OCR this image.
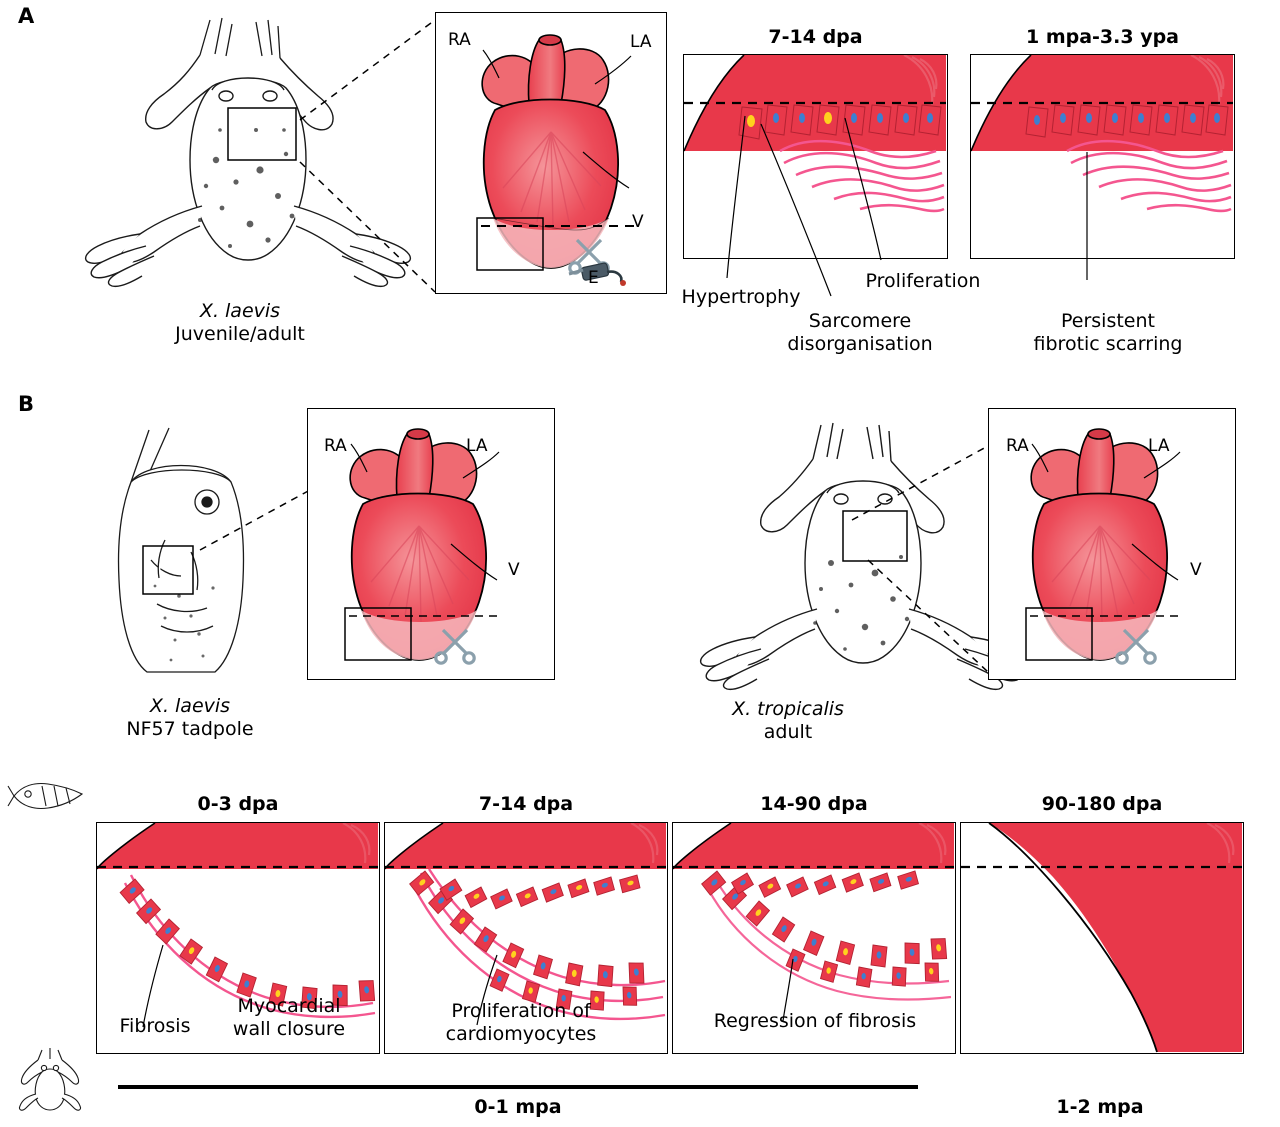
A
X. laevis
Juvenile/adult
RA	LA
V
E
7-14 dpa	1 mpa-3.3 ypa
Hypertrophy
Sarcomere
disorganisation
Proliferation
Persistent
fibrotic scarring
B
X. laevis
NF57 tadpole
RA	LA
V
X. tropicalis
adult
RA	LA
V
0-3 dpa
Fibrosis
Myocardial
wall closure
7-14 dpa
Proliferation of
cardiomyocytes
14-90 dpa
Regression of fibrosis
90-180 dpa
0-1 mpa	1-2 mpa
